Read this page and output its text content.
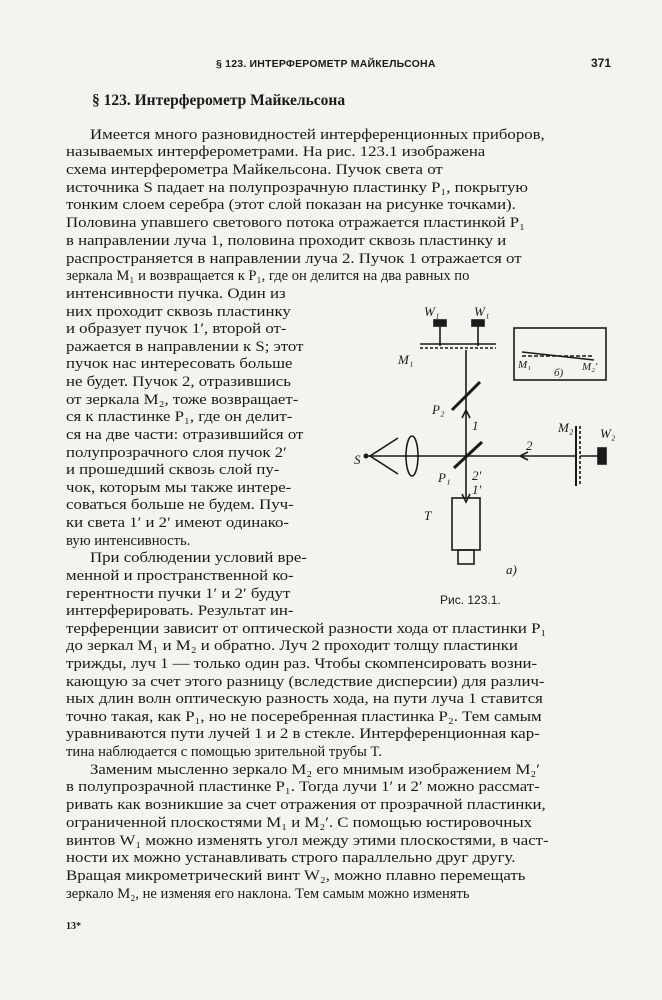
§ 123. ИНТЕРФЕРОМЕТР МАЙКЕЛЬСОНА	371
§ 123. Интерферометр Майкельсона
Имеется много разновидностей интерференционных приборов,
называемых интерферометрами. На рис. 123.1 изображена
схема интерферометра Майкельсона. Пучок света от
источника S падает на полупрозрачную пластинку P₁, покрытую
тонким слоем серебра (этот слой показан на рисунке точками).
Половина упавшего светового потока отражается пластинкой P₁
в направлении луча 1, половина проходит сквозь пластинку и
распространяется в направлении луча 2. Пучок 1 отражается от
зеркала M₁ и возвращается к P₁, где он делится на два равных по
интенсивности пучка. Один из
них проходит сквозь пластинку
и образует пучок 1′, второй от-
ражается в направлении к S; этот
пучок нас интересовать больше
не будет. Пучок 2, отразившись
от зеркала M₂, тоже возвращает-
ся к пластинке P₁, где он делит-
ся на две части: отразившийся от
полупрозрачного слоя пучок 2′
и прошедший сквозь слой пу-
чок, которым мы также интере-
соваться больше не будем. Пуч-
ки света 1′ и 2′ имеют одинако-
вую интенсивность.
При соблюдении условий вре-
менной и пространственной ко-
герентности пучки 1′ и 2′ будут
интерферировать. Результат ин-
терференции зависит от оптической разности хода от пластинки P₁
до зеркал M₁ и M₂ и обратно. Луч 2 проходит толщу пластинки
трижды, луч 1 — только один раз. Чтобы скомпенсировать возни-
кающую за счет этого разницу (вследствие дисперсии) для различ-
ных длин волн оптическую разность хода, на пути луча 1 ставится
точно такая, как P₁, но не посеребренная пластинка P₂. Тем самым
уравниваются пути лучей 1 и 2 в стекле. Интерференционная кар-
тина наблюдается с помощью зрительной трубы T.
Заменим мысленно зеркало M₂ его мнимым изображением M₂′
в полупрозрачной пластинке P₁. Тогда лучи 1′ и 2′ можно рассмат-
ривать как возникшие за счет отражения от прозрачной пластинки,
ограниченной плоскостями M₁ и M₂′. С помощью юстировочных
винтов W₁ можно изменять угол между этими плоскостями, в част-
ности их можно устанавливать строго параллельно друг другу.
Вращая микрометрический винт W₂, можно плавно перемещать
зеркало M₂, не изменяя его наклона. Тем самым можно изменять
W₁	W₁
M₁	M₁	M₂′
б)
P₂
P₁
S
T
1
2
2′
1′
M₂ W₂
а)
Рис. 123.1.
13*
